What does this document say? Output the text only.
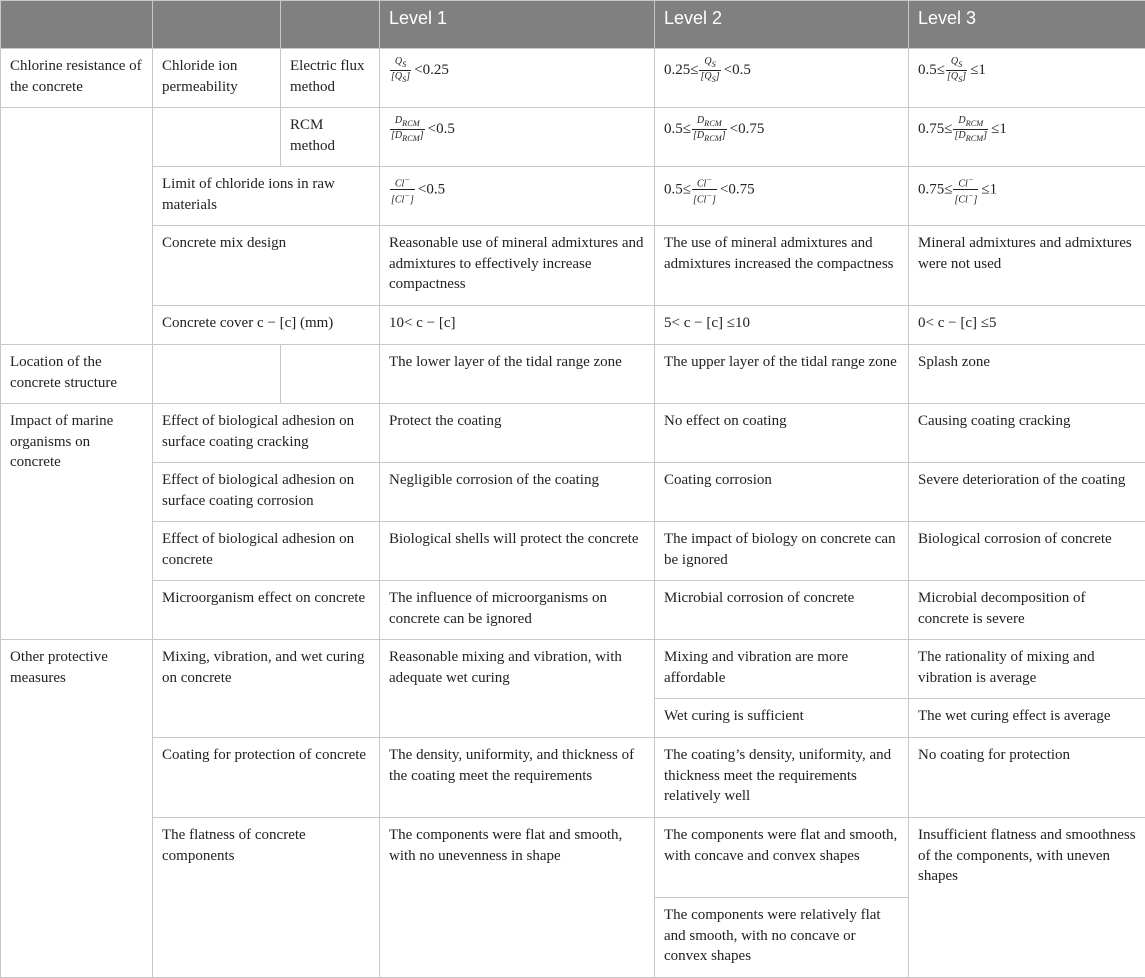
			Level 1	Level 2	Level 3
Chlorine resistance of the concrete	Chloride ion permeability	Electric flux method	$\frac{Q_S}{[Q_S]} <0.25$	$0.25\le \frac{Q_S}{[Q_S]} <0.5$	$0.5\le \frac{Q_S}{[Q_S]} \le 1$
		RCM method	$\frac{D_{RCM}}{[D_{RCM}]} <0.5$	$0.5\le \frac{D_{RCM}}{[D_{RCM}]} <0.75$	$0.75\le \frac{D_{RCM}}{[D_{RCM}]} \le 1$
	Limit of chloride ions in raw materials		$\frac{Cl^-}{[Cl^-]} <0.5$	$0.5\le \frac{Cl^-}{[Cl^-]} <0.75$	$0.75\le \frac{Cl^-}{[Cl^-]} \le 1$
	Concrete mix design		Reasonable use of mineral admixtures and admixtures to effectively increase compactness	The use of mineral admixtures and admixtures increased the compactness	Mineral admixtures and admixtures were not used
	Concrete cover c − [c] (mm)		10< c − [c]	5< c − [c] ≤10	0< c − [c] ≤5
Location of the concrete structure			The lower layer of the tidal range zone	The upper layer of the tidal range zone	Splash zone
Impact of marine organisms on concrete	Effect of biological adhesion on surface coating cracking		Protect the coating	No effect on coating	Causing coating cracking
	Effect of biological adhesion on surface coating corrosion		Negligible corrosion of the coating	Coating corrosion	Severe deterioration of the coating
	Effect of biological adhesion on concrete		Biological shells will protect the concrete	The impact of biology on concrete can be ignored	Biological corrosion of concrete
	Microorganism effect on concrete		The influence of microorganisms on concrete can be ignored	Microbial corrosion of concrete	Microbial decomposition of concrete is severe
Other protective measures	Mixing, vibration, and wet curing on concrete		Reasonable mixing and vibration, with adequate wet curing	Mixing and vibration are more affordable	The rationality of mixing and vibration is average
				Wet curing is sufficient	The wet curing effect is average
	Coating for protection of concrete		The density, uniformity, and thickness of the coating meet the requirements	The coating’s density, uniformity, and thickness meet the requirements relatively well	No coating for protection
	The flatness of concrete components		The components were flat and smooth, with no unevenness in shape	The components were flat and smooth, with concave and convex shapes	Insufficient flatness and smoothness of the components, with uneven shapes
				The components were relatively flat and smooth, with no concave or convex shapes	
